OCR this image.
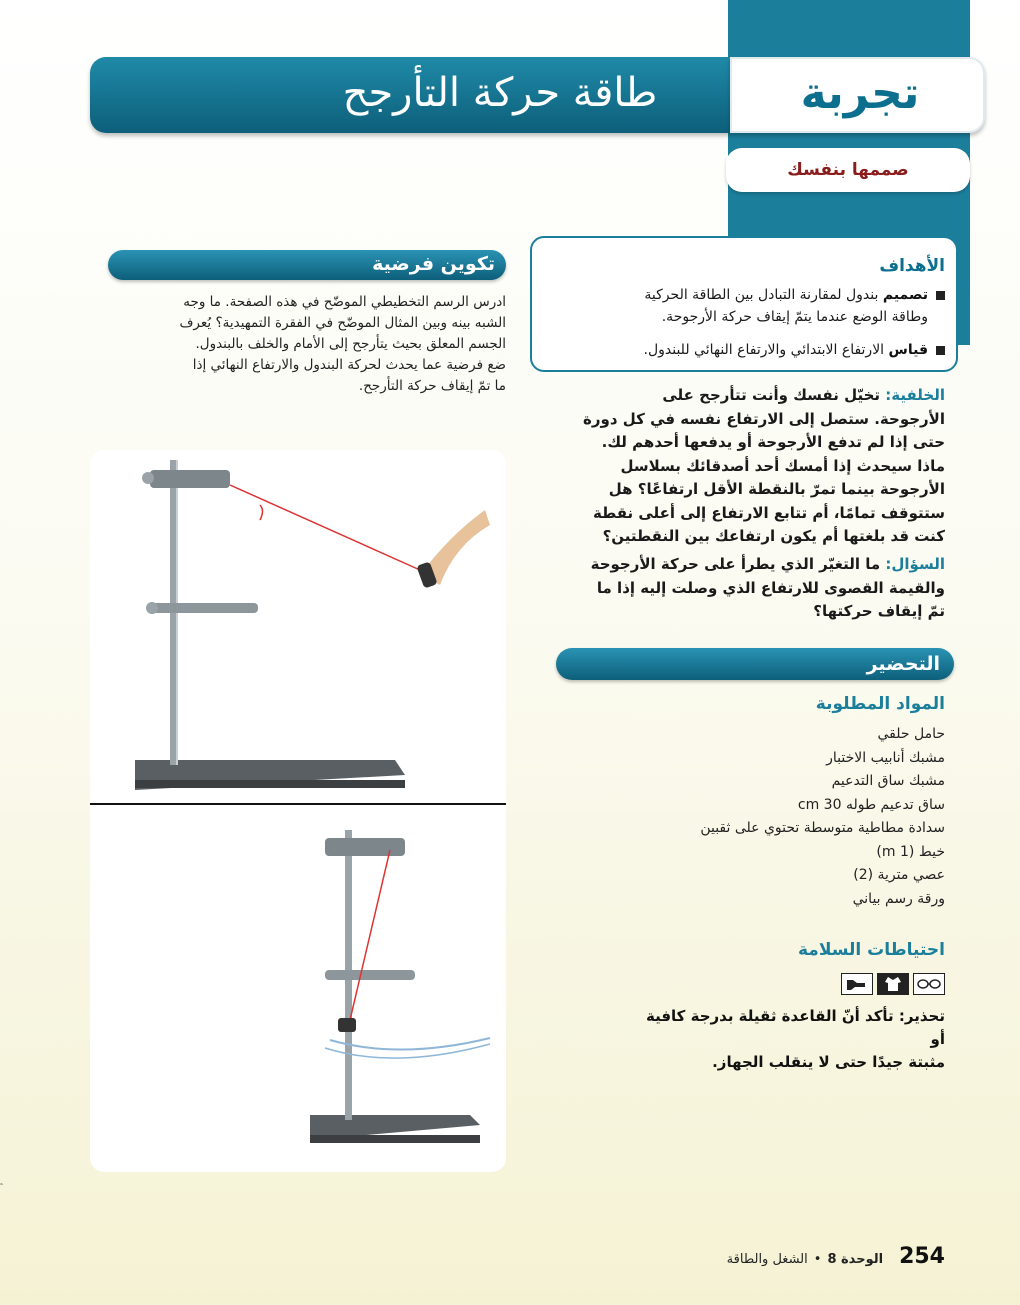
طاقة حركة التأرجح	تجربة
صممها بنفسك
الأهداف
تصميم بندول لمقارنة التبادل بين الطاقة الحركية
وطاقة الوضع عندما يتمّ إيقاف حركة الأرجوحة.
قياس الارتفاع الابتدائي والارتفاع النهائي للبندول.
تكوين فرضية
ادرس الرسم التخطيطي الموضّح في هذه الصفحة. ما وجه
الشبه بينه وبين المثال الموضّح في الفقرة التمهيدية؟ يُعرف
الجسم المعلق بحيث يتأرجح إلى الأمام والخلف بالبندول.
ضع فرضية عما يحدث لحركة البندول والارتفاع النهائي إذا
ما تمّ إيقاف حركة التأرجح.	الخلفية: تخيّل نفسك وأنت تتأرجح على
الأرجوحة. ستصل إلى الارتفاع نفسه في كل دورة
حتى إذا لم تدفع الأرجوحة أو يدفعها أحدهم لك.
ماذا سيحدث إذا أمسك أحد أصدقائك بسلاسل
الأرجوحة بينما تمرّ بالنقطة الأقل ارتفاعًا؟ هل
ستتوقف تمامًا، أم تتابع الارتفاع إلى أعلى نقطة
كنت قد بلغتها أم يكون ارتفاعك بين النقطتين؟
السؤال: ما التغيّر الذي يطرأ على حركة الأرجوحة
والقيمة القصوى للارتفاع الذي وصلت إليه إذا ما
تمّ إيقاف حركتها؟
التحضير
المواد المطلوبة
حامل حلقي
مشبك أنابيب الاختبار
مشبك ساق التدعيم
ساق تدعيم طوله 30 cm
سدادة مطاطية متوسطة تحتوي على ثقبين
خيط (1 m)
عصي مترية (2)
ورقة رسم بياني
احتياطات السلامة
تحذير: تأكد أنّ القاعدة ثقيلة بدرجة كافية أو
مثبتة جيدًا حتى لا ينقلب الجهاز.
254
الوحدة 8
•
الشغل والطاقة
